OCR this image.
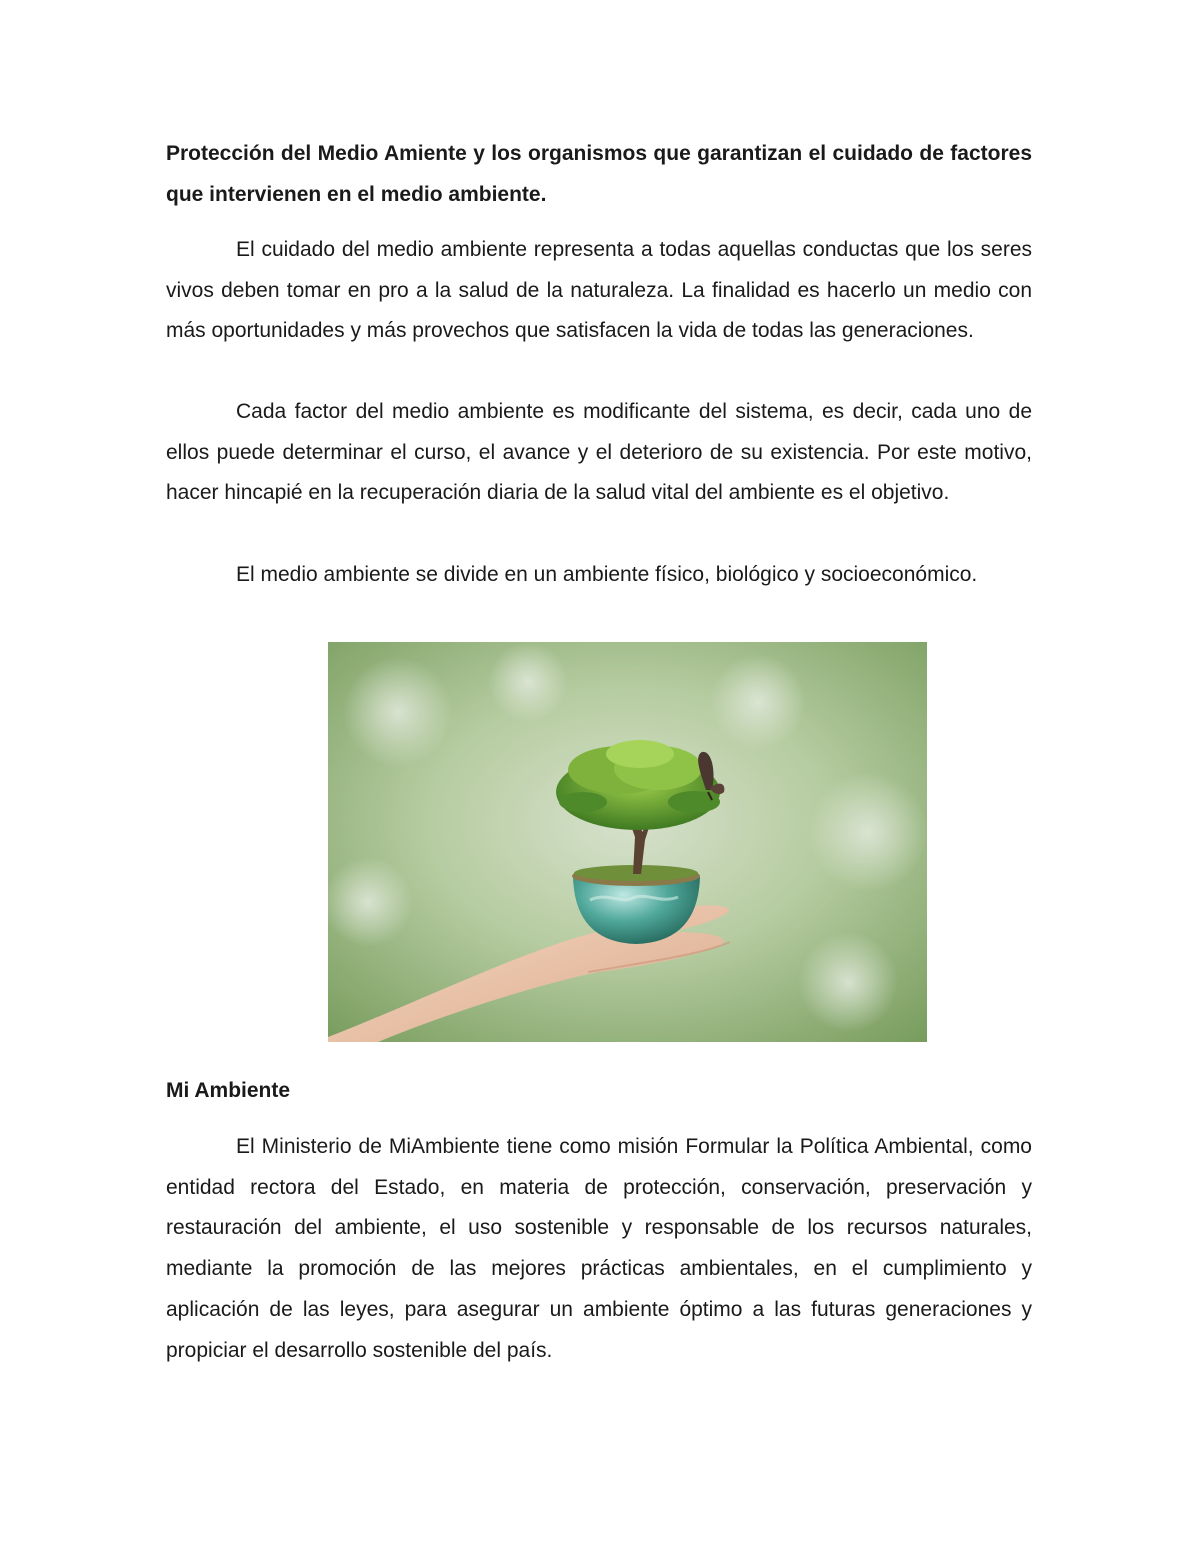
Protección del Medio Amiente y los organismos que garantizan el cuidado de factores que intervienen en el medio ambiente.

El cuidado del medio ambiente representa a todas aquellas conductas que los seres vivos deben tomar en pro a la salud de la naturaleza. La finalidad es hacerlo un medio con más oportunidades y más provechos que satisfacen la vida de todas las generaciones.

Cada factor del medio ambiente es modificante del sistema, es decir, cada uno de ellos puede determinar el curso, el avance y el deterioro de su existencia. Por este motivo, hacer hincapié en la recuperación diaria de la salud vital del ambiente es el objetivo.

El medio ambiente se divide en un ambiente físico, biológico y socioeconómico.

Mi Ambiente

El Ministerio de MiAmbiente tiene como misión Formular la Política Ambiental, como entidad rectora del Estado, en materia de protección, conservación, preservación y restauración del ambiente, el uso sostenible y responsable de los recursos naturales, mediante la promoción de las mejores prácticas ambientales, en el cumplimiento y aplicación de las leyes, para asegurar un ambiente óptimo a las futuras generaciones y propiciar el desarrollo sostenible del país.
